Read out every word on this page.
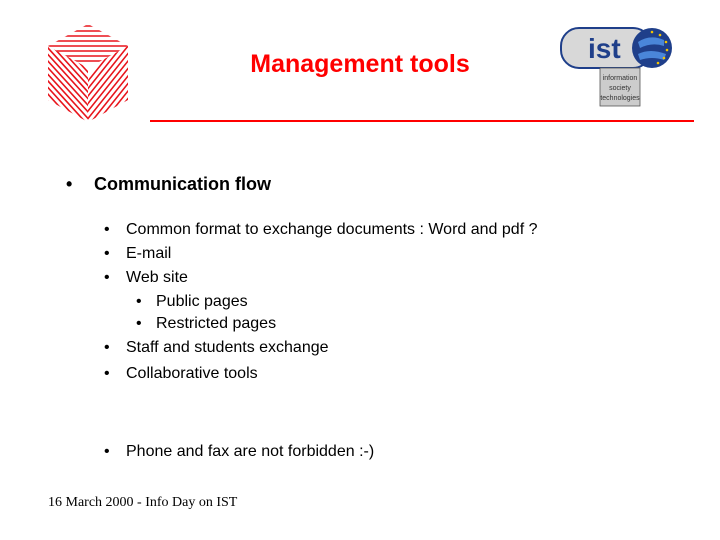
Management tools	ist
information
society
technologies
• Communication flow
• Common format to exchange documents : Word and pdf ?
• E-mail
• Web site
• Public pages
• Restricted pages
• Staff and students exchange
• Collaborative tools
• Phone and fax are not forbidden :-)
16 March 2000 - Info Day on IST
